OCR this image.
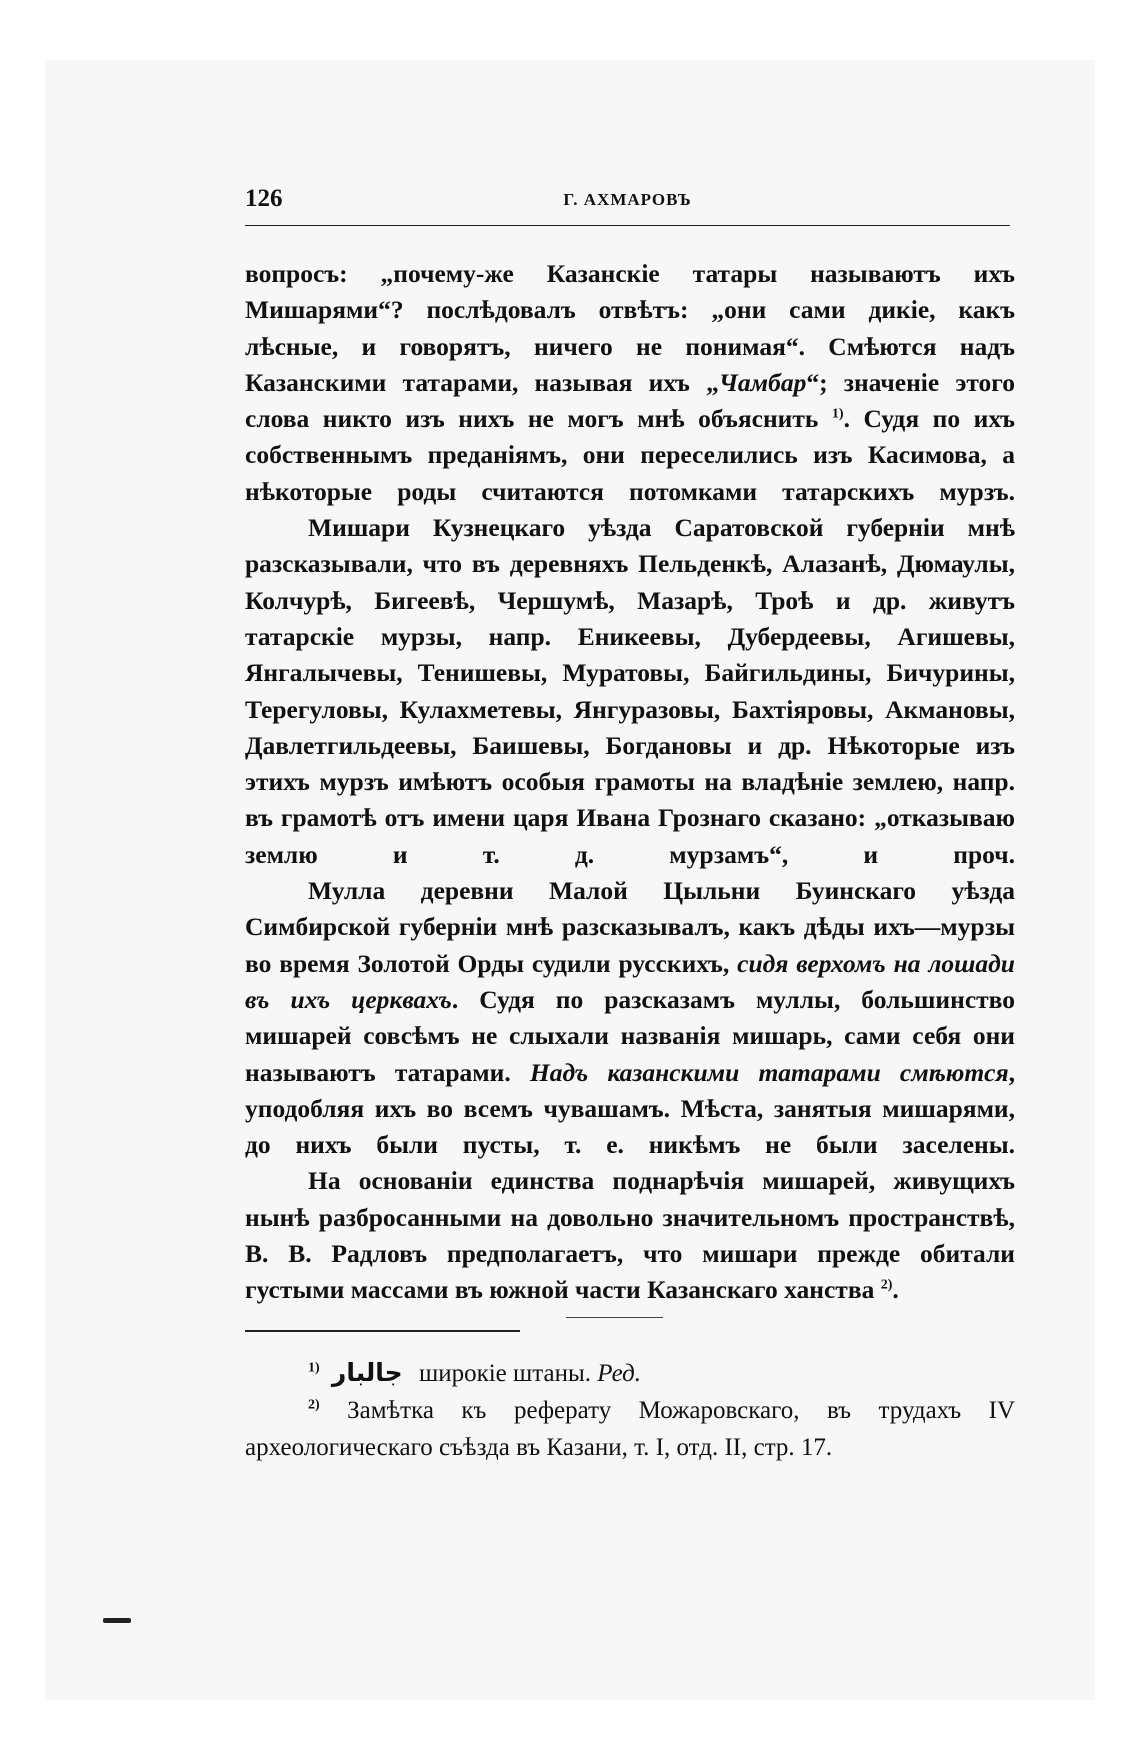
126	Г. АХМАРОВЪ

вопросъ: „почему-же Казанскіе татары называютъ ихъ Мишарями“? послѣдовалъ отвѣтъ: „они сами дикіе, какъ лѣсные, и говорятъ, ничего не понимая“. Смѣются надъ Казанскими татарами, называя ихъ „Чамбар“; значеніе этого слова никто изъ нихъ не могъ мнѣ объяснить $^{1)}$. Судя по ихъ собственнымъ преданіямъ, они переселились изъ Касимова, а нѣкоторые роды считаются потомками татарскихъ мурзъ.

Мишари Кузнецкаго уѣзда Саратовской губерніи мнѣ разсказывали, что въ деревняхъ Пельденкѣ, Алазанѣ, Дюмаулы, Колчурѣ, Бигеевѣ, Чершумѣ, Мазарѣ, Троѣ и др. живутъ татарскіе мурзы, напр. Еникеевы, Дубердеевы, Агишевы, Янгалычевы, Тенишевы, Муратовы, Байгильдины, Бичурины, Терегуловы, Кулахметевы, Янгуразовы, Бахтіяровы, Акмановы, Давлетгильдеевы, Баишевы, Богдановы и др. Нѣкоторые изъ этихъ мурзъ имѣютъ особыя грамоты на владѣніе землею, напр. въ грамотѣ отъ имени царя Ивана Грознаго сказано: „отказываю землю и т. д. мурзамъ“, и проч.

Мулла деревни Малой Цыльни Буинскаго уѣзда Симбирской губерніи мнѣ разсказывалъ, какъ дѣды ихъ—мурзы во время Золотой Орды судили русскихъ, сидя верхомъ на лошади въ ихъ церквахъ. Судя по разсказамъ муллы, большинство мишарей совсѣмъ не слыхали названія мишарь, сами себя они называютъ татарами. Надъ казанскими татарами смѣются, уподобляя ихъ во всемъ чувашамъ. Мѣста, занятыя мишарями, до нихъ были пусты, т. е. никѣмъ не были заселены.

На основаніи единства поднарѣчія мишарей, живущихъ нынѣ разбросанными на довольно значительномъ пространствѣ, В. В. Радловъ предполагаетъ, что мишари прежде обитали густыми массами въ южной части Казанскаго ханства $^{2)}$.

$^{1)}$ جالبار широкіе штаны. Ред.

$^{2)}$ Замѣтка къ реферату Можаровскаго, въ трудахъ IV археологическаго съѣзда въ Казани, т. I, отд. II, стр. 17.
